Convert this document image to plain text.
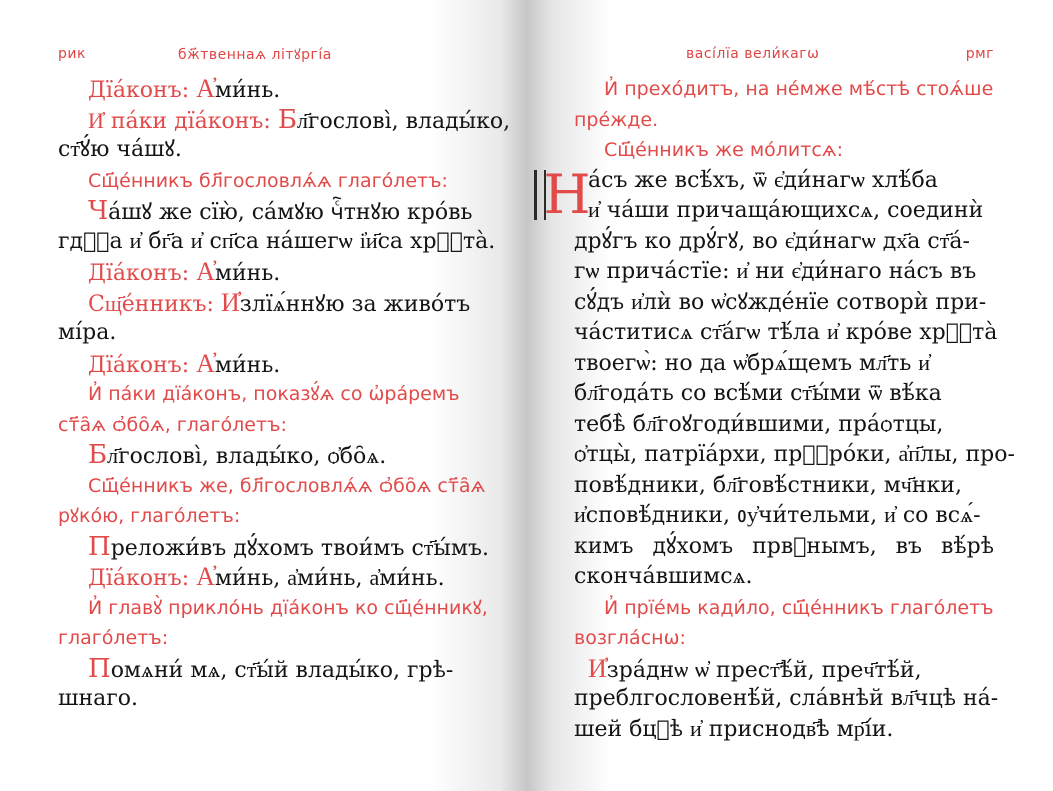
рик	бж҃твеннаѧ літꙋргі́а
Дїа́конъ: А҆ми́нь.
И҆ па́ки дїа́конъ: Бл҃гослові̀, влады́ко,
ст҃ꙋ́ю ча́шꙋ.
Сщ҃е́нникъ бл҃гословлѧ́ѧ глаго́летъ:
Ча́шꙋ же сїю̀, са́мꙋю чⷭ҇тнꙋю кро́вь
гдⷭ҇а и҆ бг҃а и҆ сп҃са на́шегѡ і҆и҃са хрⷭ҇та̀.
Дїа́конъ: А҆ми́нь.
Сщ҃е́нникъ: И҆злїѧ́ннꙋю за живо́тъ
мі́ра.
Дїа́конъ: А҆ми́нь.
И҆ па́ки дїа́конъ, показꙋ́ѧ со ѡ҆ра́ремъ
ст҃а̑ѧ ѻ҆бо̑ѧ, глаго́летъ:
Бл҃гослові̀, влады́ко, ѻ҆бо̑ѧ.
Сщ҃е́нникъ же, бл҃гословлѧ́ѧ ѻ҆бо̑ѧ ст҃а̑ѧ
рꙋко́ю, глаго́летъ:
Преложи́въ дꙋ́хомъ твои́мъ ст҃ы́мъ.
Дїа́конъ: А҆ми́нь, а҆ми́нь, а҆ми́нь.
И҆ главꙋ̀ прикло́нь дїа́конъ ко сщ҃е́нникꙋ,
глаго́летъ:
Помѧни́ мѧ, ст҃ы́й влады́ко, грѣ-
шнаго.
васі́лїа вели́кагѡ	рмг
И҆ прехо́дитъ, на не́мже мѣ́стѣ стоѧ́ше
пре́жде.
Сщ҃е́нникъ же мо́литсѧ:
Н
а́съ же всѣ́хъ, ѿ є҆ди́нагѡ хлѣ́ба
и҆ ча́ши причаща́ющихсѧ, соединѝ
дрꙋ́гъ ко дрꙋ́гꙋ, во є҆ди́нагѡ дх҃а ст҃а́-
гѡ прича́стїе: и҆ ни є҆ди́наго на́съ въ
сꙋ́дъ и҆лѝ во ѡ҆сꙋжде́нїе сотворѝ при-
ча́ститисѧ ст҃а́гѡ тѣ́ла и҆ кро́ве хрⷭ҇та̀
твоегѡ̀: но да ѡ҆брѧ́щемъ мл҃ть и҆
бл҃года́ть со всѣ́ми ст҃ы́ми ѿ вѣ́ка
тебѣ̀ бл҃гоꙋгоди́вшими, пра́ѻтцы,
ѻ҆тцы̀, патрїа́рхи, прⷪ҇ро́ки, а҆п҃лы, про-
повѣ́дники, бл҃говѣ́стники, мч҃нки,
и҆сповѣ́дники, ᲂу҆чи́тельми, и҆ со всѧ́-
кимъ дꙋ́хомъ првⷣнымъ, въ вѣ́рѣ
сконча́вшимсѧ.
И҆ прїе́мь кади́ло, сщ҃е́нникъ глаго́летъ
возгла́снѡ:
И҆зра́днѡ ѡ҆ прест҃ѣ́й, преч҃тѣ́й,
преблгословенѣ́й, сла́внѣй вл҃чцѣ на́-
шей бцⷣѣ и҆ приснодв҃ѣ мр҃і́и.
